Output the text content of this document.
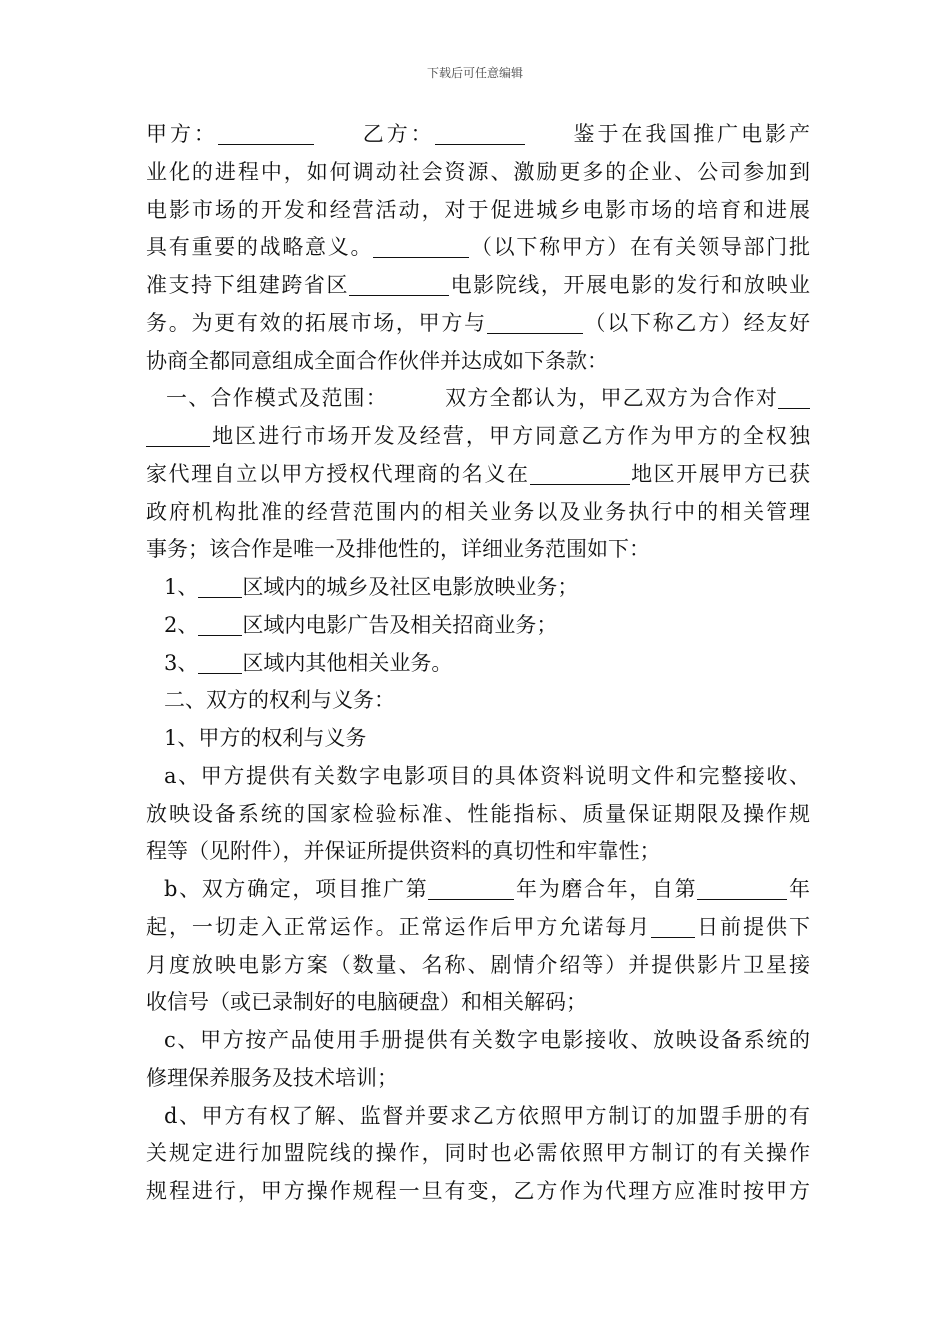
下载后可任意编辑
甲方：	乙方：	鉴于在我国推广电影产
业化的进程中，如何调动社会资源、激励更多的企业、公司参加到
电影市场的开发和经营活动，对于促进城乡电影市场的培育和进展
具有重要的战略意义。	（以下称甲方）在有关领导部门批
准支持下组建跨省区	电影院线，开展电影的发行和放映业
务。为更有效的拓展市场，甲方与	（以下称乙方）经友好
协商全都同意组成全面合作伙伴并达成如下条款：
一、合作模式及范围：	双方全都认为，甲乙双方为合作对
地区进行市场开发及经营，甲方同意乙方作为甲方的全权独
家代理自立以甲方授权代理商的名义在	地区开展甲方已获
政府机构批准的经营范围内的相关业务以及业务执行中的相关管理
事务；该合作是唯一及排他性的，详细业务范围如下：
1、 区域内的城乡及社区电影放映业务；
2、 区域内电影广告及相关招商业务；
3、 区域内其他相关业务。
二、双方的权利与义务：
1、甲方的权利与义务
a、甲方提供有关数字电影项目的具体资料说明文件和完整接收、
放映设备系统的国家检验标准、性能指标、质量保证期限及操作规
程等（见附件），并保证所提供资料的真切性和牢靠性；
b、双方确定，项目推广第	年为磨合年，自第	年
起，一切走入正常运作。正常运作后甲方允诺每月 日前提供下
月度放映电影方案（数量、名称、剧情介绍等）并提供影片卫星接
收信号（或已录制好的电脑硬盘）和相关解码；
c、甲方按产品使用手册提供有关数字电影接收、放映设备系统的
修理保养服务及技术培训；
d、甲方有权了解、监督并要求乙方依照甲方制订的加盟手册的有
关规定进行加盟院线的操作，同时也必需依照甲方制订的有关操作
规程进行，甲方操作规程一旦有变，乙方作为代理方应准时按甲方
